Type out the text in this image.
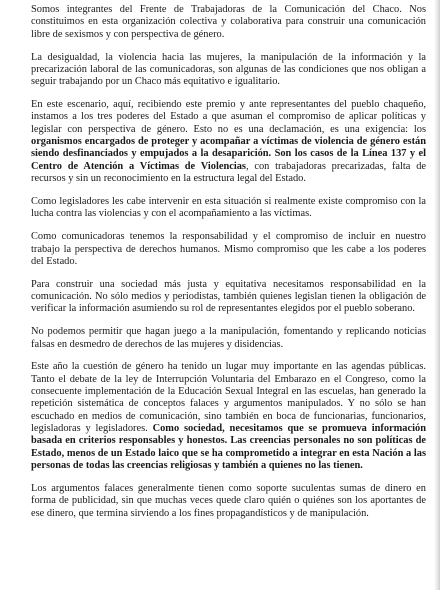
Somos integrantes del Frente de Trabajadoras de la Comunicación del Chaco. Nos constituimos en esta organización colectiva y colaborativa para construir una comunicación libre de sexismos y con perspectiva de género.

La desigualdad, la violencia hacia las mujeres, la manipulación de la información y la precarización laboral de las comunicadoras, son algunas de las condiciones que nos obligan a seguir trabajando por un Chaco más equitativo e igualitario.

En este escenario, aquí, recibiendo este premio y ante representantes del pueblo chaqueño, instamos a los tres poderes del Estado a que asuman el compromiso de aplicar políticas y legislar con perspectiva de género. Esto no es una declamación, es una exigencia: los organismos encargados de proteger y acompañar a víctimas de violencia de género están siendo desfinanciados y empujados a la desaparición. Son los casos de la Línea 137 y el Centro de Atención a Víctimas de Violencias, con trabajadoras precarizadas, falta de recursos y sin un reconocimiento en la estructura legal del Estado.

Como legisladores les cabe intervenir en esta situación si realmente existe compromiso con la lucha contra las violencias y con el acompañamiento a las víctimas.

Como comunicadoras tenemos la responsabilidad y el compromiso de incluir en nuestro trabajo la perspectiva de derechos humanos. Mismo compromiso que les cabe a los poderes del Estado.

Para construir una sociedad más justa y equitativa necesitamos responsabilidad en la comunicación. No sólo medios y periodistas, también quienes legislan tienen la obligación de verificar la información asumiendo su rol de representantes elegidos por el pueblo soberano.

No podemos permitir que hagan juego a la manipulación, fomentando y replicando noticias falsas en desmedro de derechos de las mujeres y disidencias.

Este año la cuestión de género ha tenido un lugar muy importante en las agendas públicas. Tanto el debate de la ley de Interrupción Voluntaria del Embarazo en el Congreso, como la consecuente implementación de la Educación Sexual Integral en las escuelas, han generado la repetición sistemática de conceptos falaces y argumentos manipulados. Y no sólo se han escuchado en medios de comunicación, sino también en boca de funcionarias, funcionarios, legisladoras y legisladores. Como sociedad, necesitamos que se promueva información basada en criterios responsables y honestos. Las creencias personales no son políticas de Estado, menos de un Estado laico que se ha comprometido a integrar en esta Nación a las personas de todas las creencias religiosas y también a quienes no las tienen.

Los argumentos falaces generalmente tienen como soporte suculentas sumas de dinero en forma de publicidad, sin que muchas veces quede claro quién o quiénes son los aportantes de ese dinero, que termina sirviendo a los fines propagandísticos y de manipulación.
